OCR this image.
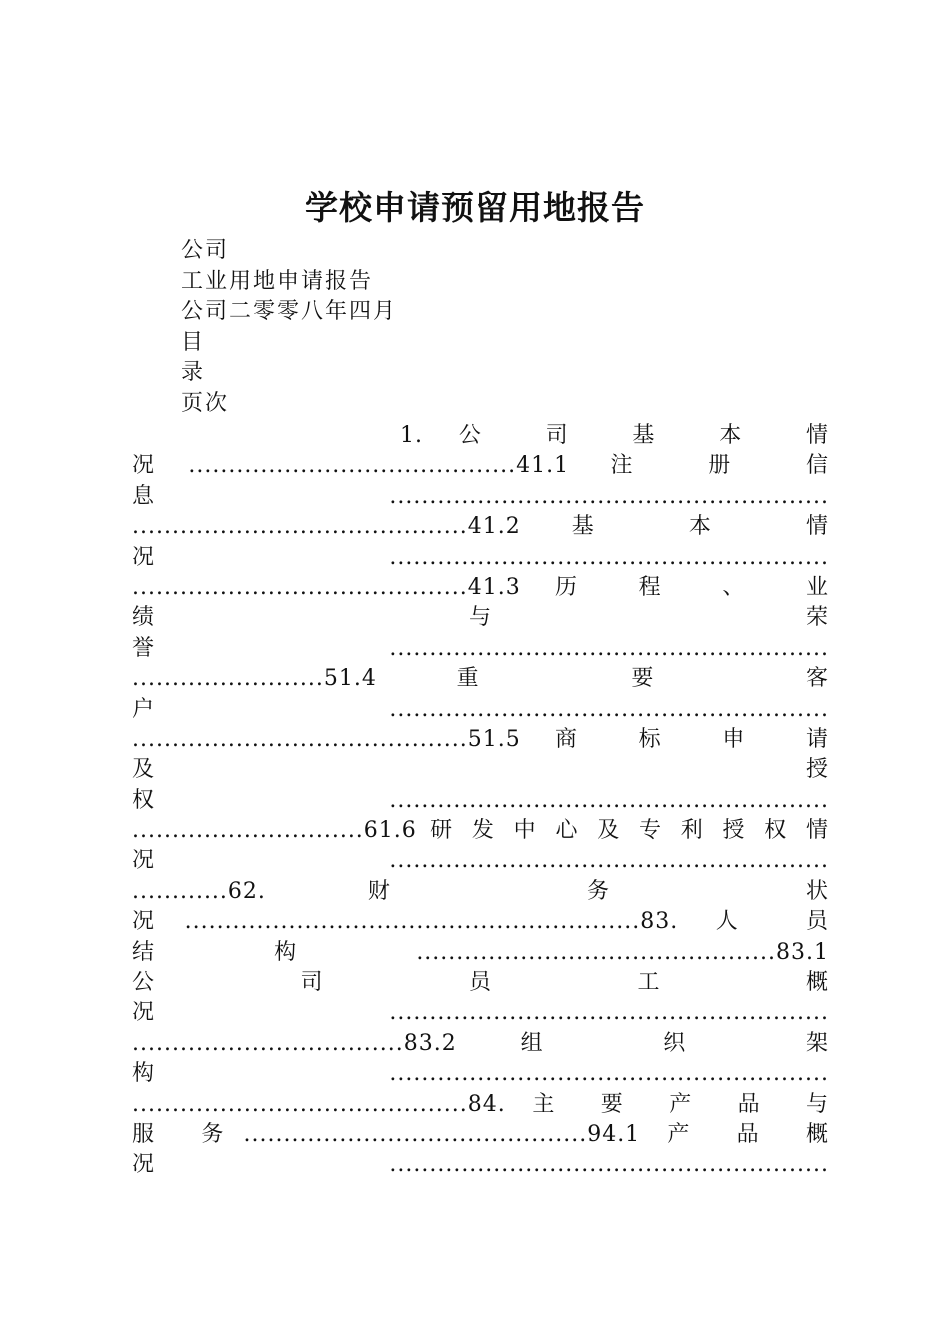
学校申请预留用地报告
公司
工业用地申请报告
公司二零零八年四月
目
录
页次
1. 公 司 基 本 情
况.........................................41.1 注 册 信
息.......................................................
..........................................41.2 基 本 情
况.......................................................
..........................................41.3 历 程 、 业
绩 与 荣
誉.......................................................
........................51.4 重 要 客
户.......................................................
..........................................51.5 商 标 申 请
及 授
权.......................................................
.............................61.6 研 发 中 心 及 专 利 授 权 情
况.......................................................
............62. 财 务 状
况.........................................................83. 人 员
结 构 .............................................83.1
公 司 员 工 概
况.......................................................
..................................83.2 组 织 架
构.......................................................
..........................................84. 主 要 产 品 与
服 务...........................................94.1 产 品 概
况.......................................................
